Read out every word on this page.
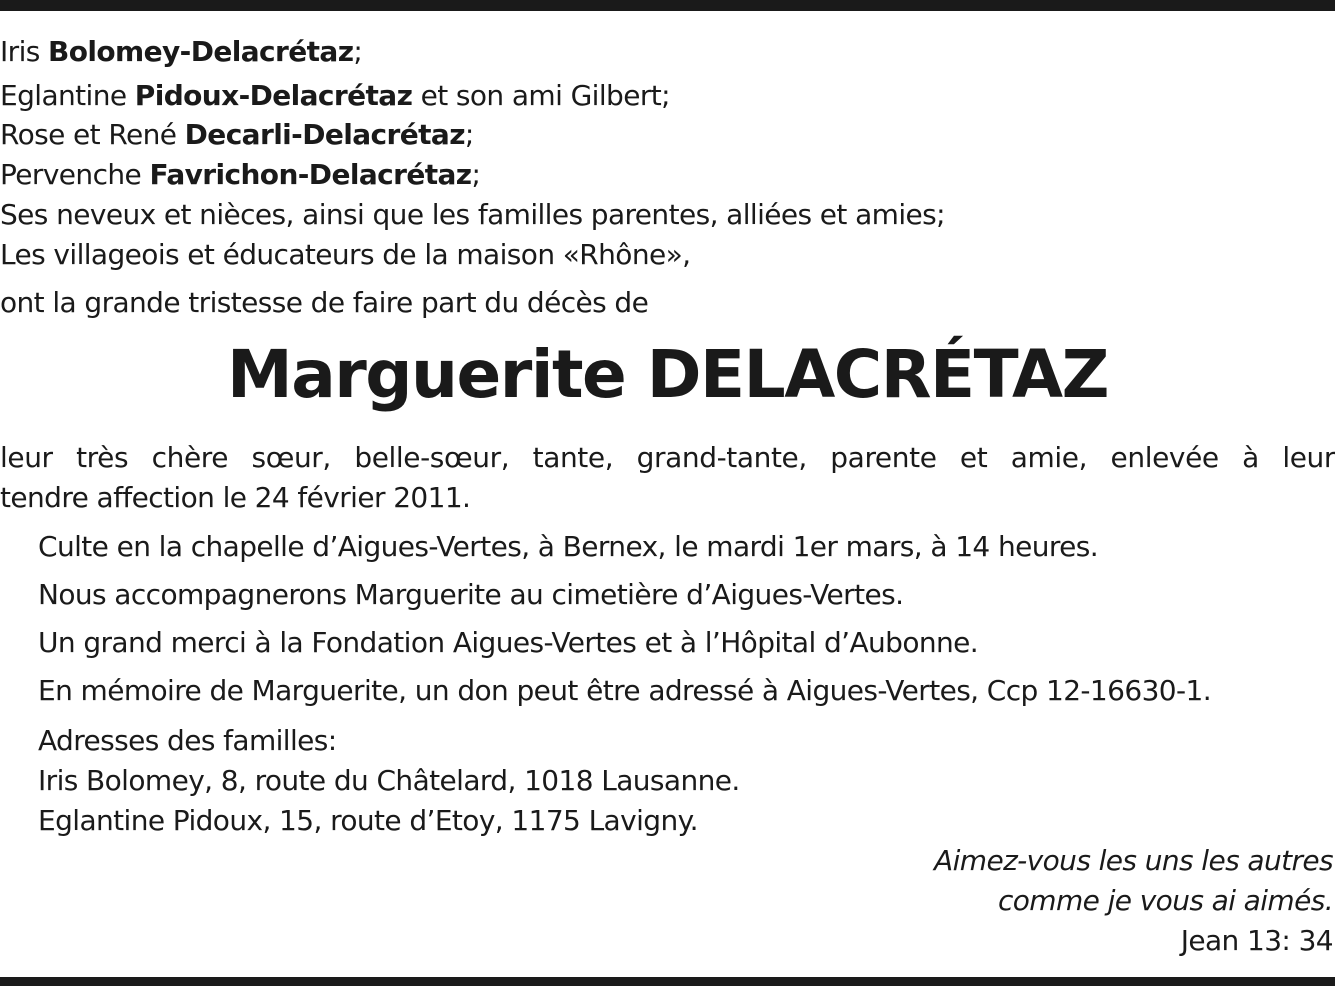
Iris Bolomey-Delacrétaz;
Eglantine Pidoux-Delacrétaz et son ami Gilbert;
Rose et René Decarli-Delacrétaz;
Pervenche Favrichon-Delacrétaz;
Ses neveux et nièces, ainsi que les familles parentes, alliées et amies;
Les villageois et éducateurs de la maison «Rhône»,
ont la grande tristesse de faire part du décès de
Marguerite DELACRÉTAZ
leur très chère sœur, belle-sœur, tante, grand-tante, parente et amie, enlevée à leur
tendre affection le 24 février 2011.
Culte en la chapelle d’Aigues-Vertes, à Bernex, le mardi 1er mars, à 14 heures.
Nous accompagnerons Marguerite au cimetière d’Aigues-Vertes.
Un grand merci à la Fondation Aigues-Vertes et à l’Hôpital d’Aubonne.
En mémoire de Marguerite, un don peut être adressé à Aigues-Vertes, Ccp 12-16630-1.
Adresses des familles:
Iris Bolomey, 8, route du Châtelard, 1018 Lausanne.
Eglantine Pidoux, 15, route d’Etoy, 1175 Lavigny.
Aimez-vous les uns les autres
comme je vous ai aimés.
Jean 13: 34
